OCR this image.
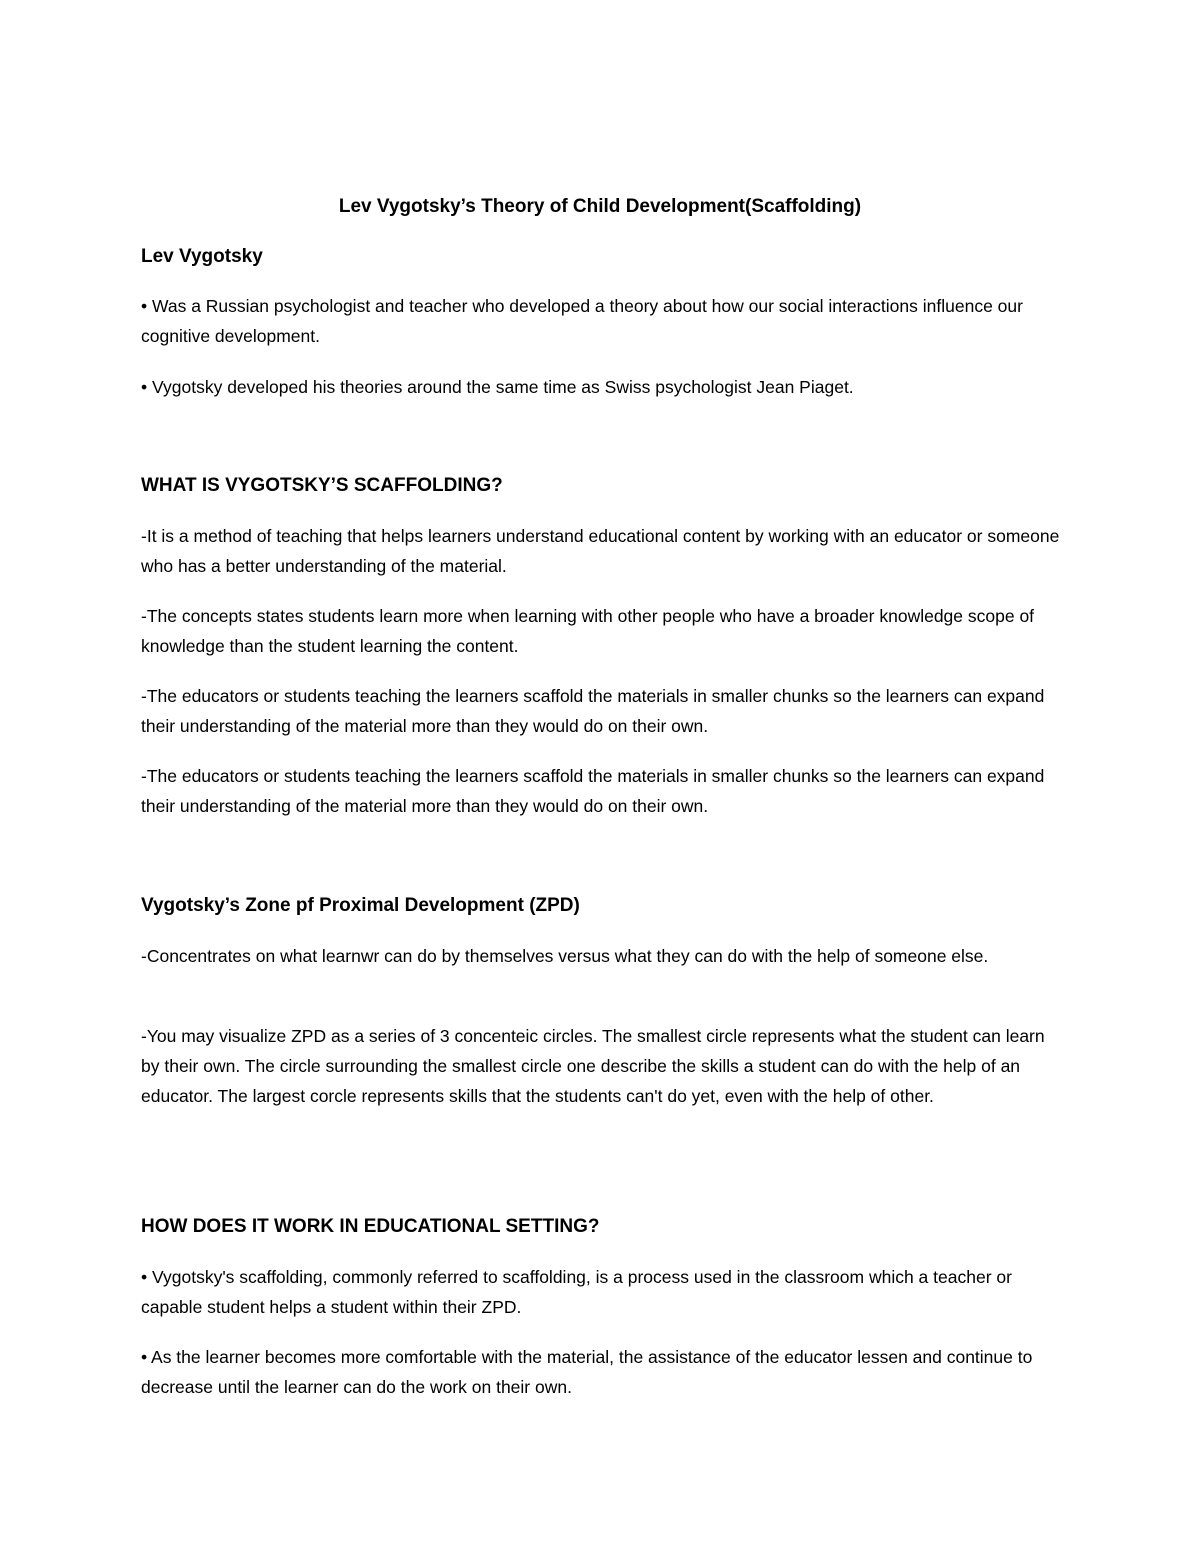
Lev Vygotsky’s Theory of Child Development(Scaffolding)
Lev Vygotsky

• Was a Russian psychologist and teacher who developed a theory about how our social interactions influence our cognitive development.

• Vygotsky developed his theories around the same time as Swiss psychologist Jean Piaget.

WHAT IS VYGOTSKY’S SCAFFOLDING?

-It is a method of teaching that helps learners understand educational content by working with an educator or someone who has a better understanding of the material.

-The concepts states students learn more when learning with other people who have a broader knowledge scope of knowledge than the student learning the content.

-The educators or students teaching the learners scaffold the materials in smaller chunks so the learners can expand their understanding of the material more than they would do on their own.

-The educators or students teaching the learners scaffold the materials in smaller chunks so the learners can expand their understanding of the material more than they would do on their own.

Vygotsky’s Zone pf Proximal Development (ZPD)

-Concentrates on what learnwr can do by themselves versus what they can do with the help of someone else.

-You may visualize ZPD as a series of 3 concenteic circles. The smallest circle represents what the student can learn by their own. The circle surrounding the smallest circle one describe the skills a student can do with the help of an educator. The largest corcle represents skills that the students can't do yet, even with the help of other.

HOW DOES IT WORK IN EDUCATIONAL SETTING?

• Vygotsky's scaffolding, commonly referred to scaffolding, is a process used in the classroom which a teacher or capable student helps a student within their ZPD.

• As the learner becomes more comfortable with the material, the assistance of the educator lessen and continue to decrease until the learner can do the work on their own.
